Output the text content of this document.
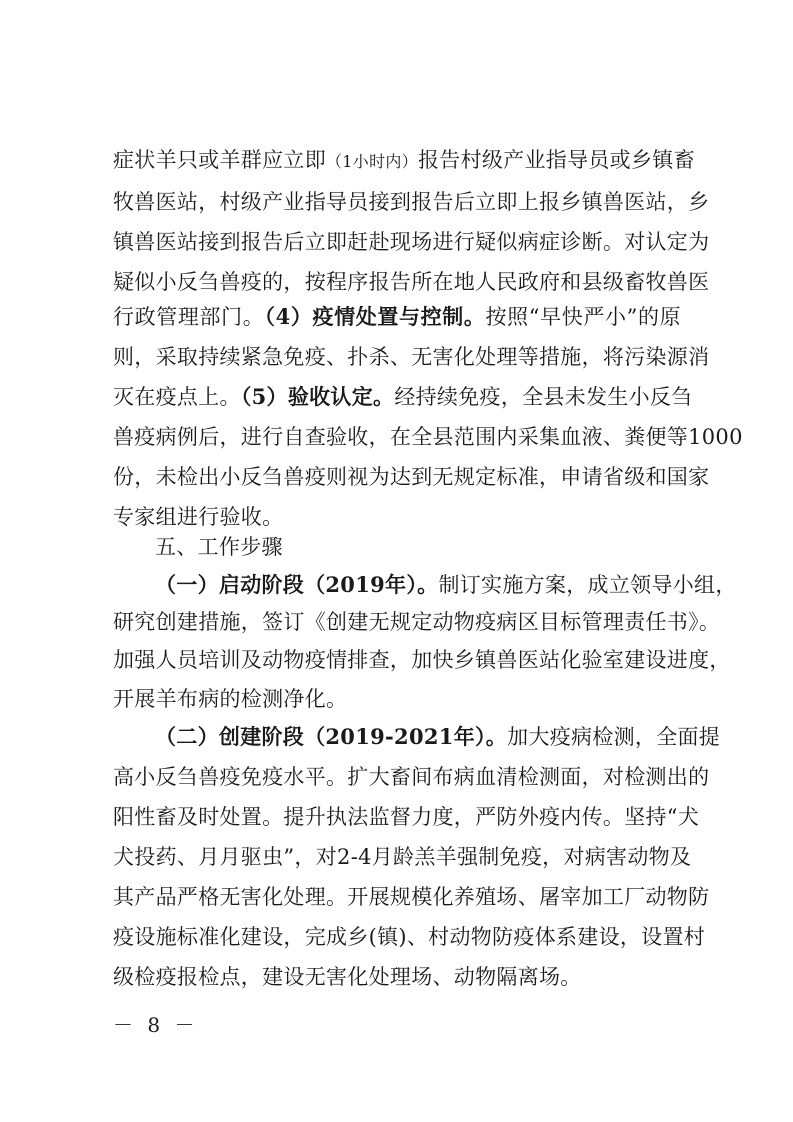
症状羊只或羊群应立即（1小时内）报告村级产业指导员或乡镇畜
牧兽医站，村级产业指导员接到报告后立即上报乡镇兽医站，乡
镇兽医站接到报告后立即赶赴现场进行疑似病症诊断。对认定为
疑似小反刍兽疫的，按程序报告所在地人民政府和县级畜牧兽医
行政管理部门。（4）疫情处置与控制。按照“早快严小”的原
则，采取持续紧急免疫、扑杀、无害化处理等措施，将污染源消
灭在疫点上。（5）验收认定。经持续免疫，全县未发生小反刍
兽疫病例后，进行自查验收，在全县范围内采集血液、粪便等1000
份，未检出小反刍兽疫则视为达到无规定标准，申请省级和国家
专家组进行验收。
五、工作步骤
（一）启动阶段（2019年）。制订实施方案，成立领导小组，
研究创建措施，签订《创建无规定动物疫病区目标管理责任书》。
加强人员培训及动物疫情排查，加快乡镇兽医站化验室建设进度，
开展羊布病的检测净化。
（二）创建阶段（2019-2021年）。加大疫病检测，全面提
高小反刍兽疫免疫水平。扩大畜间布病血清检测面，对检测出的
阳性畜及时处置。提升执法监督力度，严防外疫内传。坚持“犬
犬投药、月月驱虫”，对2-4月龄羔羊强制免疫，对病害动物及
其产品严格无害化处理。开展规模化养殖场、屠宰加工厂动物防
疫设施标准化建设，完成乡(镇)、村动物防疫体系建设，设置村
级检疫报检点，建设无害化处理场、动物隔离场。
－ 8 －
